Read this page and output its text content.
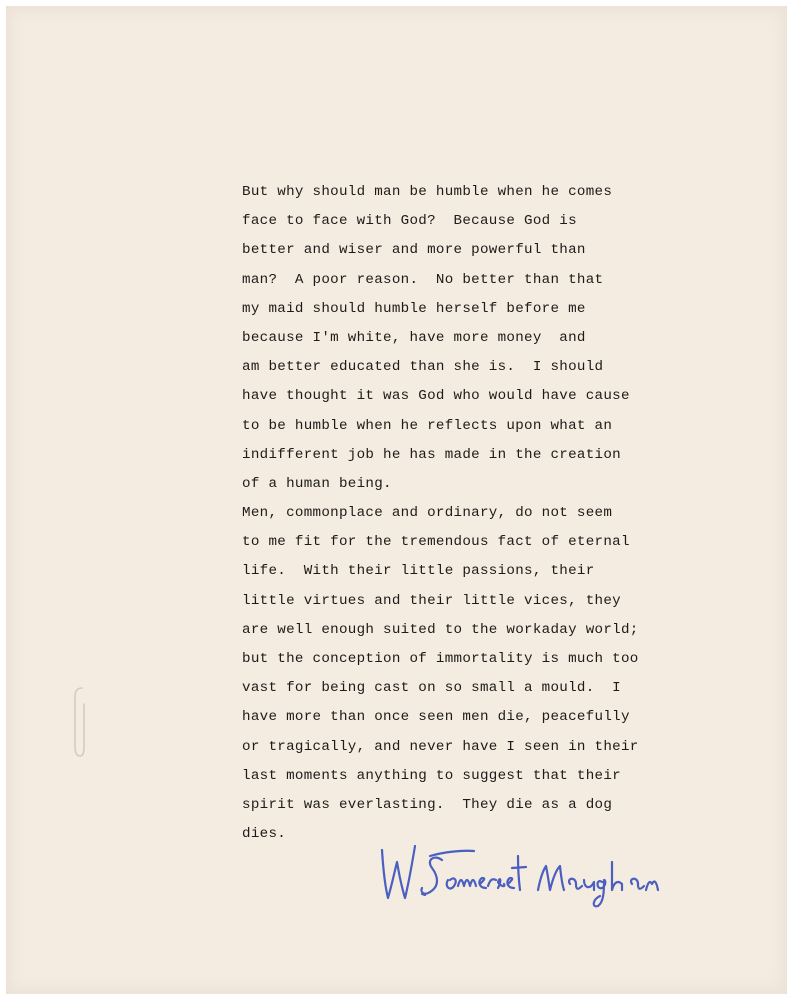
But why should man be humble when he comes
face to face with God?  Because God is
better and wiser and more powerful than
man?  A poor reason.  No better than that
my maid should humble herself before me
because I'm white, have more money  and
am better educated than she is.  I should
have thought it was God who would have cause
to be humble when he reflects upon what an
indifferent job he has made in the creation
of a human being.
Men, commonplace and ordinary, do not seem
to me fit for the tremendous fact of eternal
life.  With their little passions, their
little virtues and their little vices, they
are well enough suited to the workaday world;
but the conception of immortality is much too
vast for being cast on so small a mould.  I
have more than once seen men die, peacefully
or tragically, and never have I seen in their
last moments anything to suggest that their
spirit was everlasting.  They die as a dog
dies.
